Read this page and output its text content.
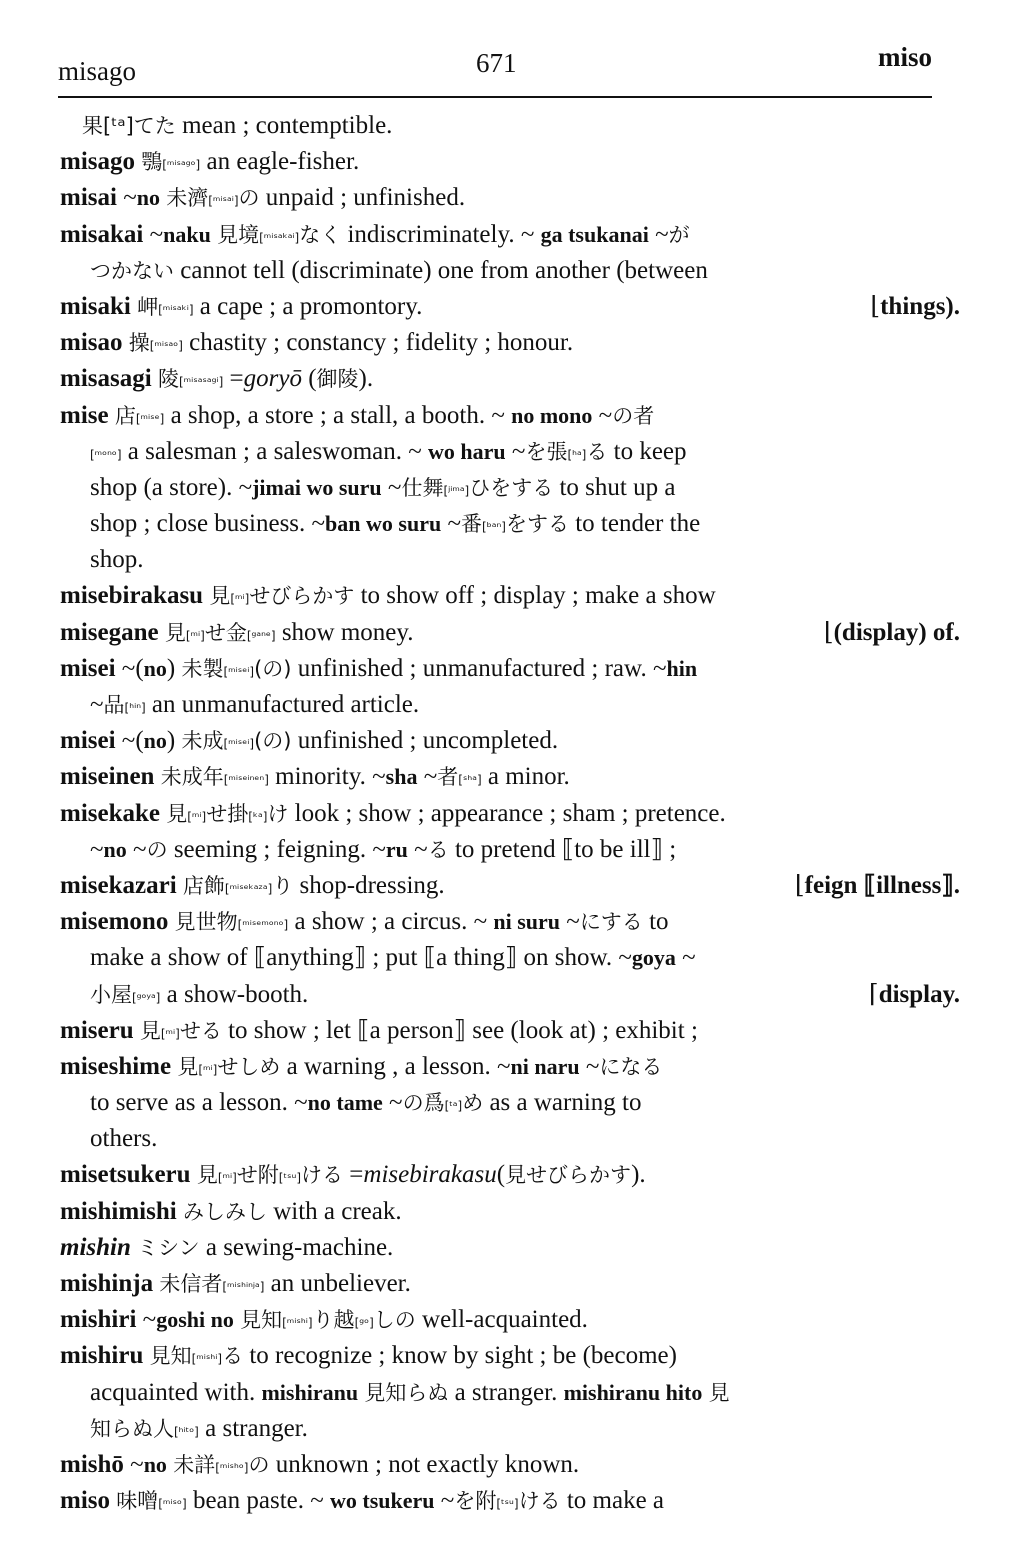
misago	671	miso
果[ᵗᵃ]てた mean ; contemptible.
misago 鶚[ᵐⁱˢᵃᵍᵒ] an eagle-fisher.
misai ~no 未濟[ᵐⁱˢᵃⁱ]の unpaid ; unfinished.
misakai ~naku 見境[ᵐⁱˢᵃᵏᵃⁱ]なく indiscriminately. ~ ga tsukanai ~が
つかない cannot tell (discriminate) one from another (between
misaki 岬[ᵐⁱˢᵃᵏⁱ] a cape ; a promontory.	⌊things).
misao 操[ᵐⁱˢᵃᵒ] chastity ; constancy ; fidelity ; honour.
misasagi 陵[ᵐⁱˢᵃˢᵃᵍⁱ] =goryō (御陵).
mise 店[ᵐⁱˢᵉ] a shop, a store ; a stall, a booth. ~ no mono ~の者
[ᵐᵒⁿᵒ] a salesman ; a saleswoman. ~ wo haru ~を張[ʰᵃ]る to keep
shop (a store). ~jimai wo suru ~仕舞[ʲⁱᵐᵃ]ひをする to shut up a
shop ; close business. ~ban wo suru ~番[ᵇᵃⁿ]をする to tender the
shop.
misebirakasu 見[ᵐⁱ]せびらかす to show off ; display ; make a show
misegane 見[ᵐⁱ]せ金[ᵍᵃⁿᵉ] show money.	⌊(display) of.
misei ~(no) 未製[ᵐⁱˢᵉⁱ](の) unfinished ; unmanufactured ; raw. ~hin
~品[ʰⁱⁿ] an unmanufactured article.
misei ~(no) 未成[ᵐⁱˢᵉⁱ](の) unfinished ; uncompleted.
miseinen 未成年[ᵐⁱˢᵉⁱⁿᵉⁿ] minority. ~sha ~者[ˢʰᵃ] a minor.
misekake 見[ᵐⁱ]せ掛[ᵏᵃ]け look ; show ; appearance ; sham ; pretence.
~no ~の seeming ; feigning. ~ru ~る to pretend ⟦to be ill⟧ ;
misekazari 店飾[ᵐⁱˢᵉᵏᵃᶻᵃ]り shop-dressing.	⌊feign ⟦illness⟧.
misemono 見世物[ᵐⁱˢᵉᵐᵒⁿᵒ] a show ; a circus. ~ ni suru ~にする to
make a show of ⟦anything⟧ ; put ⟦a thing⟧ on show. ~goya ~
小屋[ᵍᵒʸᵃ] a show-booth.	⌈display.
miseru 見[ᵐⁱ]せる to show ; let ⟦a person⟧ see (look at) ; exhibit ;
miseshime 見[ᵐⁱ]せしめ a warning , a lesson. ~ni naru ~になる
to serve as a lesson. ~no tame ~の爲[ᵗᵃ]め as a warning to
others.
misetsukeru 見[ᵐⁱ]せ附[ᵗˢᵘ]ける =misebirakasu(見せびらかす).
mishimishi みしみし with a creak.
mishin ミシン a sewing-machine.
mishinja 未信者[ᵐⁱˢʰⁱⁿʲᵃ] an unbeliever.
mishiri ~goshi no 見知[ᵐⁱˢʰⁱ]り越[ᵍᵒ]しの well-acquainted.
mishiru 見知[ᵐⁱˢʰⁱ]る to recognize ; know by sight ; be (become)
acquainted with. mishiranu 見知らぬ a stranger. mishiranu hito 見
知らぬ人[ʰⁱᵗᵒ] a stranger.
mishō ~no 未詳[ᵐⁱˢʰᵒ]の unknown ; not exactly known.
miso 味噌[ᵐⁱˢᵒ] bean paste. ~ wo tsukeru ~を附[ᵗˢᵘ]ける to make a
